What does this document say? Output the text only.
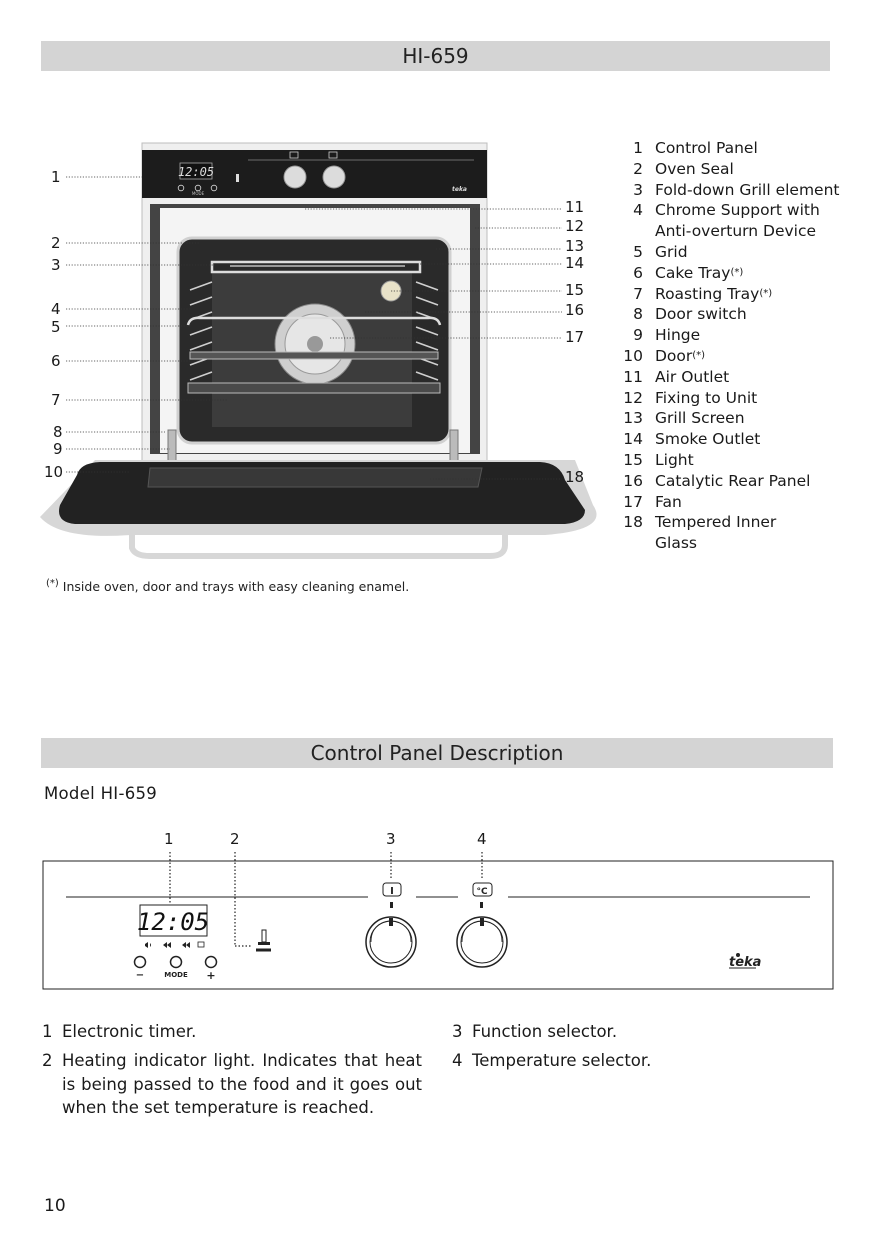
HI-659
12:05
MODE
teka
1
2
3
4
5
6
7
8
9
10
11
12
13
14
15
16
17
18
1 Control Panel
2 Oven Seal
3 Fold-down Grill element
4 Chrome Support with
Anti-overturn Device
5 Grid
6 Cake Tray (*)
7 Roasting Tray (*)
8 Door switch
9 Hinge
10 Door (*)
11 Air Outlet
12 Fixing to Unit
13 Grill Screen
14 Smoke Outlet
15 Light
16 Catalytic Rear Panel
17 Fan
18 Tempered Inner
Glass
(*) Inside oven, door and trays with easy cleaning enamel.
Control Panel Description
Model HI-659
1	2	3	4
12:05
−	MODE +
I	°C
teka
1 Electronic timer.
2 Heating indicator light. Indicates that heat is being passed to the food and it goes out when the set temperature is reached.
3 Function selector.
4 Temperature selector.
10
